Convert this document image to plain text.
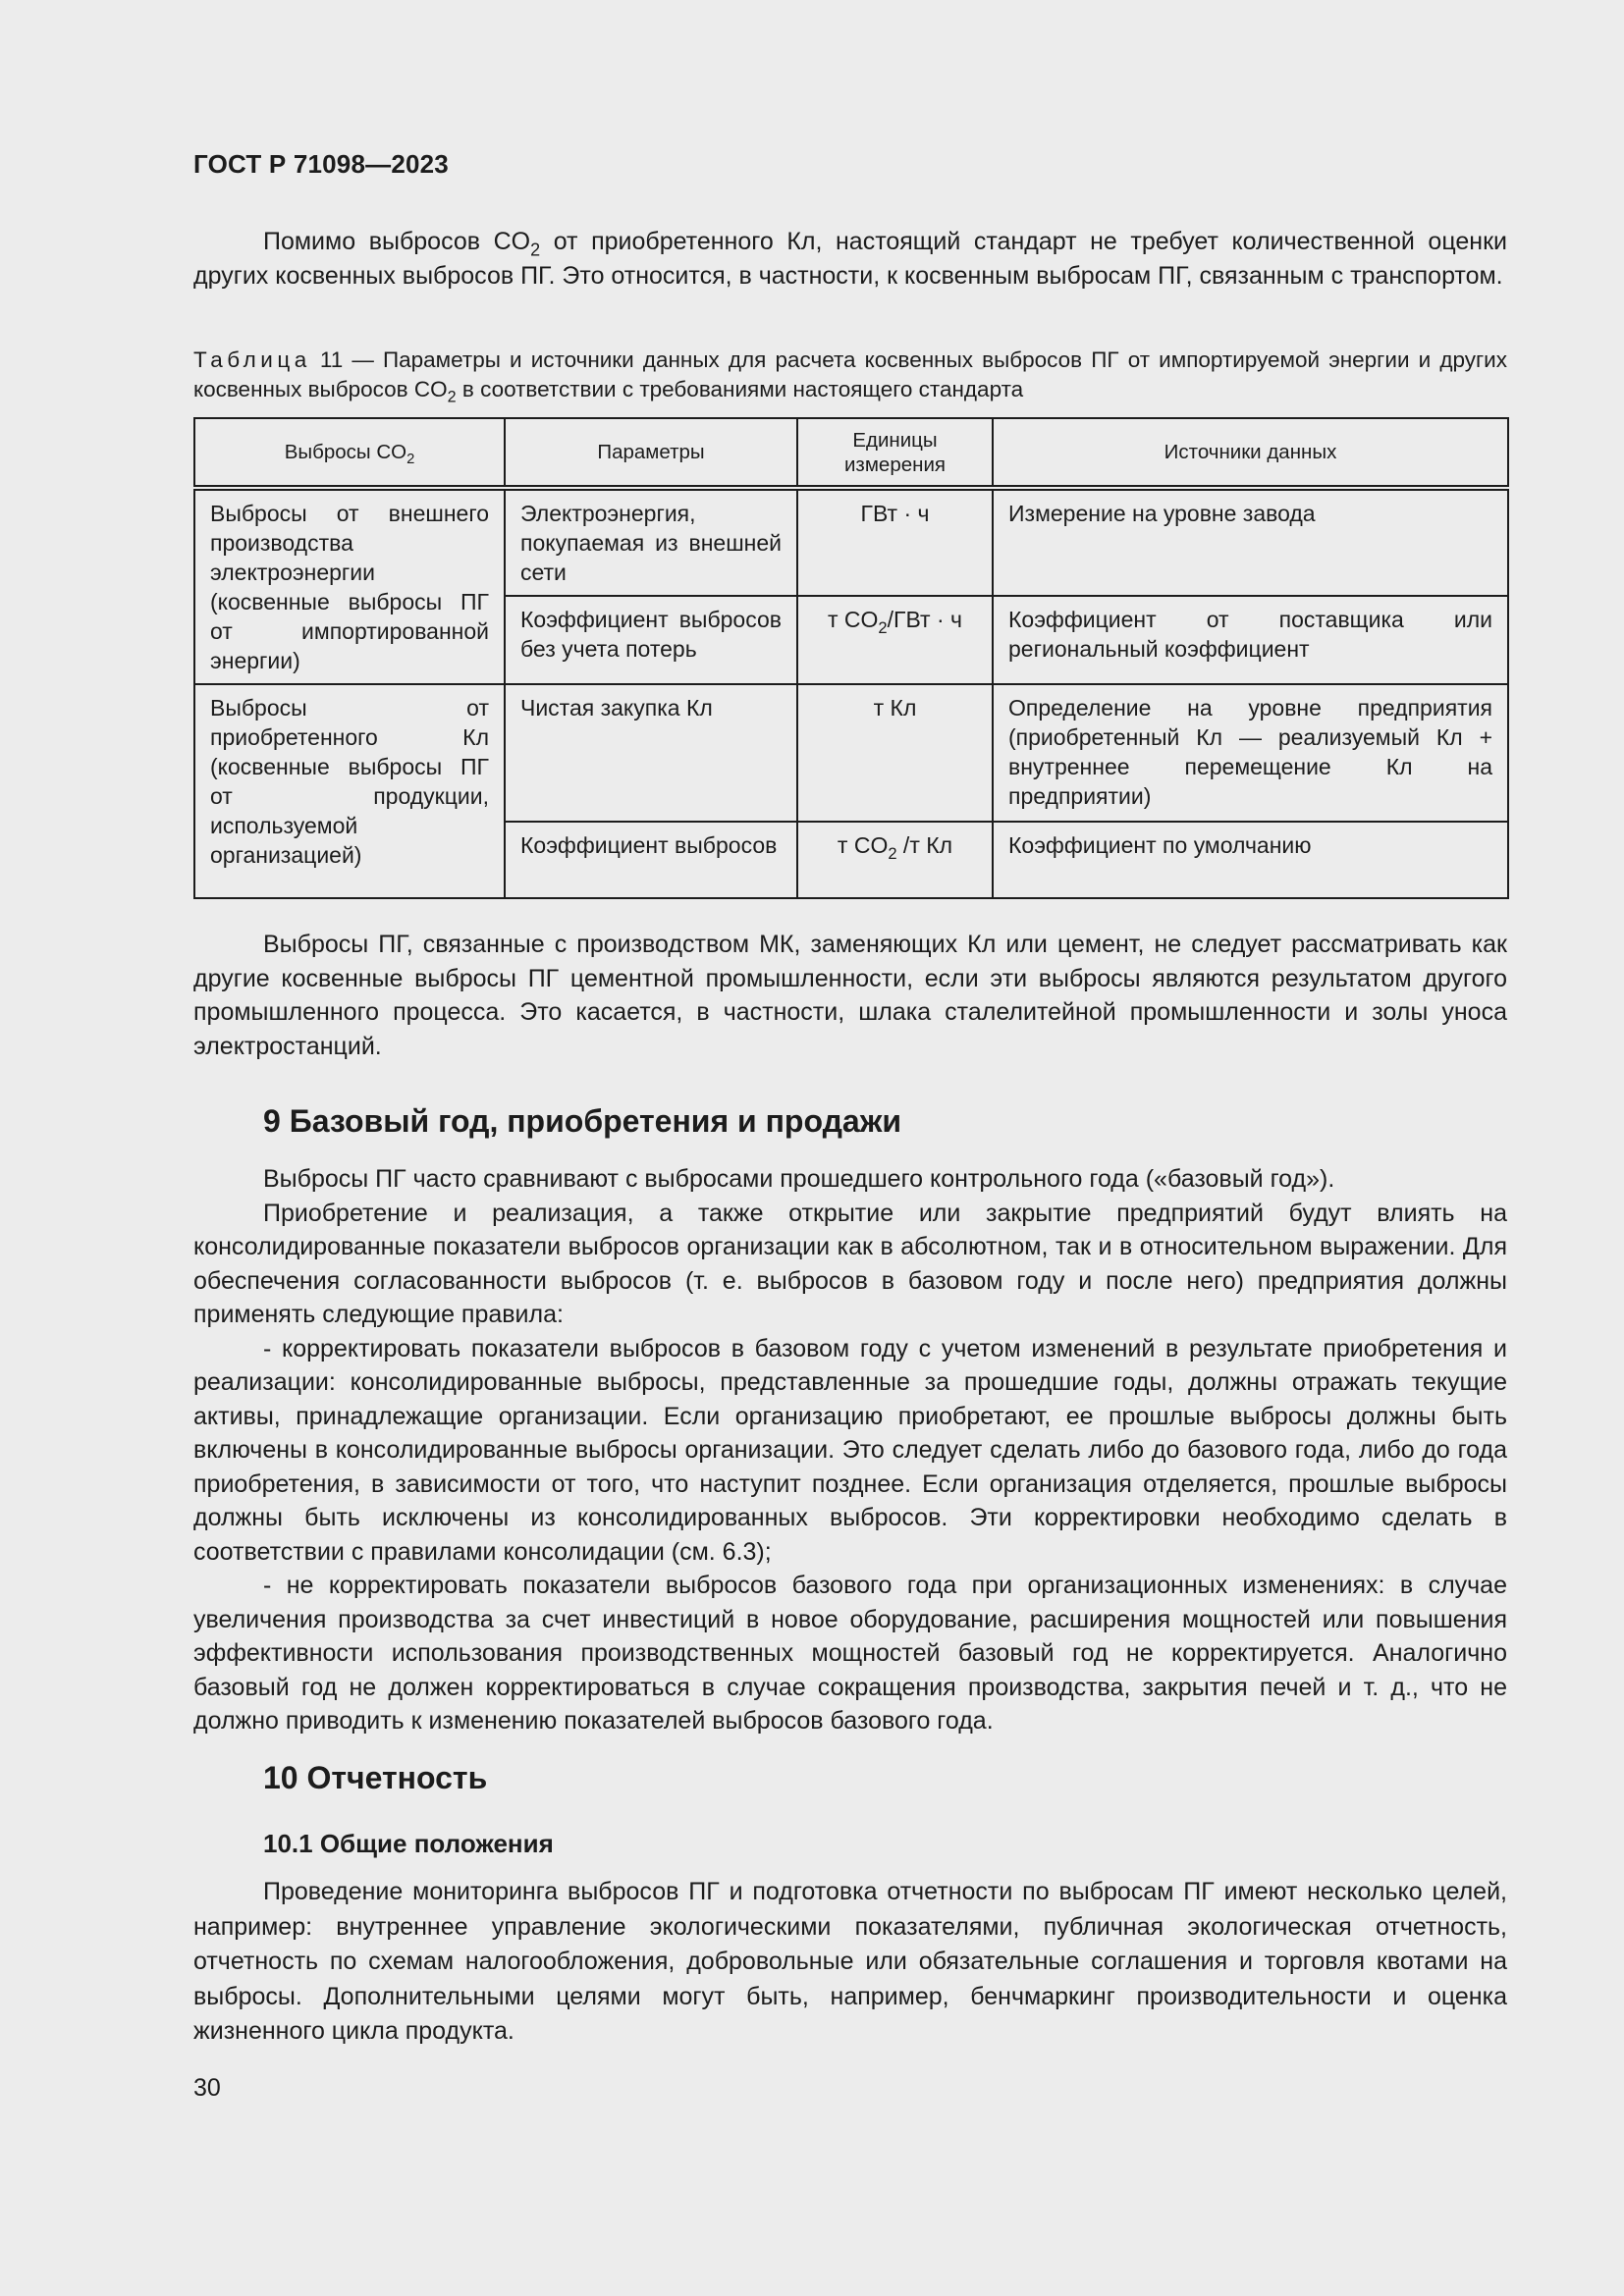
ГОСТ Р 71098—2023

Помимо выбросов $CO_2$ от приобретенного Кл, настоящий стандарт не требует количественной оценки других косвенных выбросов ПГ. Это относится, в частности, к косвенным выбросам ПГ, связанным с транспортом.

Таблица 11 — Параметры и источники данных для расчета косвенных выбросов ПГ от импортируемой энергии и других косвенных выбросов $CO_2$ в соответствии с требованиями настоящего стандарта
Выбросы $CO_2$	Параметры	Единицы измерения	Источники данных
Выбросы от внешнего производства электроэнергии (косвенные выбросы ПГ от импортированной энергии)	Электроэнергия, покупаемая из внешней сети	ГВт · ч	Измерение на уровне завода
	Коэффициент выбросов без учета потерь	т $CO_2$/ГВт · ч	Коэффициент от поставщика или региональный коэффициент
Выбросы от приобретенного Кл (косвенные выбросы ПГ от продукции, используемой организацией)	Чистая закупка Кл	т Кл	Определение на уровне предприятия (приобретенный Кл — реализуемый Кл + внутреннее перемещение Кл на предприятии)
	Коэффициент выбросов	т $CO_2$ /т Кл	Коэффициент по умолчанию

Выбросы ПГ, связанные с производством МК, заменяющих Кл или цемент, не следует рассматривать как другие косвенные выбросы ПГ цементной промышленности, если эти выбросы являются результатом другого промышленного процесса. Это касается, в частности, шлака сталелитейной промышленности и золы уноса электростанций.

9 Базовый год, приобретения и продажи

Выбросы ПГ часто сравнивают с выбросами прошедшего контрольного года («базовый год»).

Приобретение и реализация, а также открытие или закрытие предприятий будут влиять на консолидированные показатели выбросов организации как в абсолютном, так и в относительном выражении. Для обеспечения согласованности выбросов (т. е. выбросов в базовом году и после него) предприятия должны применять следующие правила:

- корректировать показатели выбросов в базовом году с учетом изменений в результате приобретения и реализации: консолидированные выбросы, представленные за прошедшие годы, должны отражать текущие активы, принадлежащие организации. Если организацию приобретают, ее прошлые выбросы должны быть включены в консолидированные выбросы организации. Это следует сделать либо до базового года, либо до года приобретения, в зависимости от того, что наступит позднее. Если организация отделяется, прошлые выбросы должны быть исключены из консолидированных выбросов. Эти корректировки необходимо сделать в соответствии с правилами консолидации (см. 6.3);

- не корректировать показатели выбросов базового года при организационных изменениях: в случае увеличения производства за счет инвестиций в новое оборудование, расширения мощностей или повышения эффективности использования производственных мощностей базовый год не корректируется. Аналогично базовый год не должен корректироваться в случае сокращения производства, закрытия печей и т. д., что не должно приводить к изменению показателей выбросов базового года.

10 Отчетность
10.1 Общие положения

Проведение мониторинга выбросов ПГ и подготовка отчетности по выбросам ПГ имеют несколько целей, например: внутреннее управление экологическими показателями, публичная экологическая отчетность, отчетность по схемам налогообложения, добровольные или обязательные соглашения и торговля квотами на выбросы. Дополнительными целями могут быть, например, бенчмаркинг производительности и оценка жизненного цикла продукта.

30
